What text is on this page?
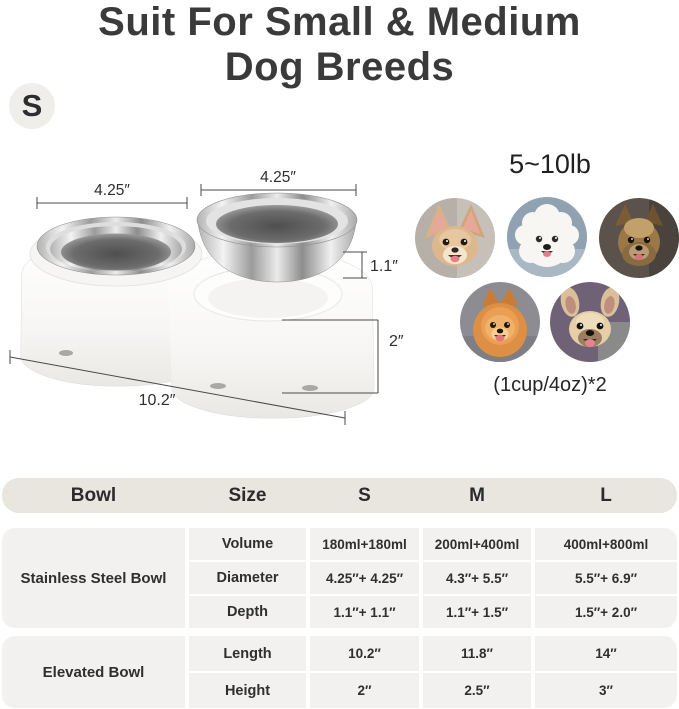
Suit For Small & Medium
Dog Breeds
S
4.25″
4.25″
1.1″
2″
10.2″
5~10lb
(1cup/4oz)*2
Bowl	Size	S	M	L
Stainless Steel Bowl
Volume	180ml+180ml	200ml+400ml	400ml+800ml
Diameter	4.25″+ 4.25″	4.3″+ 5.5″	5.5″+ 6.9″
Depth	1.1″+ 1.1″	1.1″+ 1.5″	1.5″+ 2.0″
Elevated Bowl
Length	10.2″	11.8″	14″
Height	2″	2.5″	3″
